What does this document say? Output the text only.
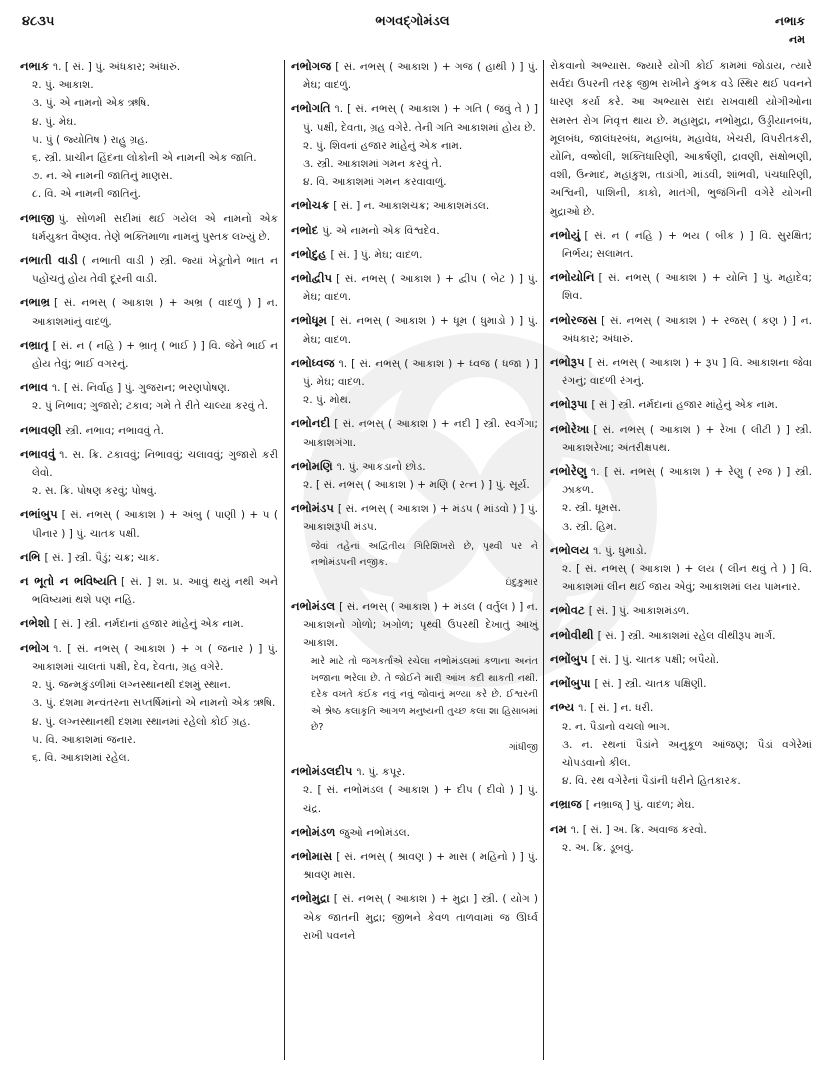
૪૮૩૫	ભગવદ્ગોમંડલ	નભાક
નમ

નભાક ૧. [ સં. ] પું. અંધકાર; અંધારું.

૨. પું. આકાશ.

૩. પું. એ નામનો એક ઋષિ.

૪. પું. મેઘ.

૫. પું ( જ્યોતિષ ) રાહુ ગ્રહ.

૬. સ્ત્રી. પ્રાચીન હિંદના લોકોની એ નામની એક જાતિ.

૭. ન. એ નામની જાતિનું માણસ.

૮. વિ. એ નામની જાતિનું.

નભાજી પું. સોળમી સદીમાં થઈ ગયેલ એ નામનો એક ધર્મયુક્ત વૈષ્ણવ. તેણે ભક્તિમાળા નામનું પુસ્તક લખ્યું છે.

નભાતી વાડી ( નભાતી વાડી ) સ્ત્રી. જ્યાં ખેડૂતોને ભાત ન પહોંચતું હોય તેવી દૂરની વાડી.

નભાભ્ર [ સં. નભસ્ ( આકાશ ) + અભ્ર ( વાદળું ) ] ન. આકાશમાંનું વાદળું.

નભ્રાતૃ [ સં. ન ( નહિ ) + ભ્રાતૃ ( ભાઈ ) ] વિ. જેને ભાઈ ન હોય તેવું; ભાઈ વગરનું.

નભાવ ૧. [ સં. નિર્વાહ ] પું. ગુજરાન; ભરણપોષણ.

૨. પું નિભાવ; ગુજારો; ટકાવ; ગમે તે રીતે ચાલ્યા કરવું તે.

નભાવણી સ્ત્રી. નભાવ; નભાવવું તે.

નભાવવું ૧. સ. ક્રિ. ટકાવવું; નિભાવવું; ચલાવવું; ગુજારો કરી લેવો.

૨. સ. ક્રિ. પોષણ કરવું; પોષવું.

નભાંબુપ [ સં. નભસ્ ( આકાશ ) + અંબુ ( પાણી ) + પ ( પીનાર ) ] પું. ચાતક પક્ષી.

નભિ [ સં. ] સ્ત્રી. પૈડું; ચક્ર; ચાક.

ન ભૂતો ન ભવિષ્યતિ [ સં. ] શ. પ્ર. આવું થયું નથી અને ભવિષ્યમાં થશે પણ નહિ.

નભેશો [ સં. ] સ્ત્રી. નર્મદાનાં હજાર માંહેનું એક નામ.

નભોગ ૧. [ સં. નભસ્ ( આકાશ ) + ગ ( જનાર ) ] પું. આકાશમાં ચાલતાં પક્ષી, દેવ, દેવતા, ગ્રહ વગેરે.

૨. પું. જન્મકુંડળીમાં લગ્નસ્થાનથી દશમું સ્થાન.

૩. પું. દશમા મન્વંતરના સપ્તર્ષિમાંનો એ નામનો એક ઋષિ.

૪. પું. લગ્નસ્થાનથી દશમા સ્થાનમાં રહેલો કોઈ ગ્રહ.

૫. વિ. આકાશમાં જનાર.

૬. વિ. આકાશમાં રહેલ.

નભોગજ [ સં. નભસ્ ( આકાશ ) + ગજ ( હાથી ) ] પું. મેઘ; વાદળું.

નભોગતિ ૧. [ સં. નભસ્ ( આકાશ ) + ગતિ ( જવું તે ) ] પું. પક્ષી, દેવતા, ગ્રહ વગેરે. તેની ગતિ આકાશમાં હોય છે.

૨. પું. શિવનાં હજાર માંહેનું એક નામ.

૩. સ્ત્રી. આકાશમાં ગમન કરવું તે.

૪. વિ. આકાશમાં ગમન કરવાવાળું.

નભોચક્ર [ સં. ] ન. આકાશચક્ર; આકાશમંડલ.

નભોદ પું. એ નામનો એક વિશ્વદેવ.

નભોદુહ [ સં. ] પું. મેઘ; વાદળ.

નભોદ્વીપ [ સં. નભસ્ ( આકાશ ) + દ્વીપ ( બેટ ) ] પું. મેઘ; વાદળ.

નભોધૂમ [ સં. નભસ્ ( આકાશ ) + ધૂમ ( ધુમાડો ) ] પું. મેઘ; વાદળ.

નભોધ્વજ ૧. [ સં. નભસ્ ( આકાશ ) + ધ્વજ ( ધજા ) ] પું. મેઘ; વાદળ.

૨. પું. મોથ.

નભોનદી [ સં. નભસ્ ( આકાશ ) + નદી ] સ્ત્રી. સ્વર્ગંગા; આકાશગંગા.

નભોમણિ ૧. પું. આકડાનો છોડ.

૨. [ સં. નભસ્ ( આકાશ ) + મણિ ( રત્ન ) ] પું. સૂર્ય.

નભોમંડપ [ સં. નભસ્ ( આકાશ ) + મંડપ ( માંડવો ) ] પું. આકાશરૂપી મંડપ.

જેવાં તહેનાં અદ્વિતીય ગિરિશિખરો છે, પૃથ્વી પર ને નભોમંડપની નજીક.

ઇંદુકુમાર

નભોમંડલ [ સં. નભસ્ ( આકાશ ) + મંડલ ( વર્તુલ ) ] ન. આકાશનો ગોળો; ખગોળ; પૃથ્વી ઉપરથી દેખાતું આખું આકાશ.

મારે માટે તો જગકર્તાએ રચેલા નભોમંડલમાં કળાના અનંત ખજાના ભરેલા છે. તે જોઈને મારી આંખ કદી થાકતી નથી. દરેક વખતે કંઈક નવું નવું જોવાનું મળ્યા કરે છે. ઈશ્વરની એ શ્રેષ્ઠ કલાકૃતિ આગળ મનુષ્યની તુચ્છ કલા શા હિસાબમાં છે?

ગાંધીજી

નભોમંડલદીપ ૧. પું. કપૂર.

૨. [ સં. નભોમંડલ ( આકાશ ) + દીપ ( દીવો ) ] પું. ચંદ્ર.

નભોમંડળ જુઓ નભોમંડલ.

નભોમાસ [ સં. નભસ્ ( શ્રાવણ ) + માસ ( મહિનો ) ] પું. શ્રાવણ માસ.

નભોમુદ્રા [ સં. નભસ્ ( આકાશ ) + મુદ્રા ] સ્ત્રી. ( યોગ ) એક જાતની મુદ્રા; જીભને કેવળ તાળવામાં જ ઊર્ધ્વ રાખી પવનને

રોકવાનો અભ્યાસ. જ્યારે યોગી કોઈ કામમાં જોડાય, ત્યારે સર્વદા ઉપરની તરફ જીભ રાખીને કુંભક વડે સ્થિર થઈ પવનને ધારણ કર્યા કરે. આ અભ્યાસ સદા રાખવાથી યોગીઓના સમસ્ત રોગ નિવૃત્ત થાય છે. મહામુદ્રા, નભોમુદ્રા, ઉડ્ડીયાનબંધ, મૂલબંધ, જાલંધરબંધ, મહાબંધ, મહાવેધ, ખેચરી, વિપરીતકરી, યોનિ, વજ્રોલી, શક્તિધારિણી, આકર્ષણી, દ્રાવણી, સંક્ષોભણી, વશી, ઉન્માદ, મહાંકુશ, તાડાંગી, માંડવી, શાંભવી, પંચધારિણી, અશ્વિની, પાશિની, કાકો, માતંગી, ભુજંગિની વગેરે યોગની મુદ્રાઓ છે.

નભોયું [ સં. ન ( નહિ ) + ભય ( બીક ) ] વિ. સુરક્ષિત; નિર્ભય; સલામત.

નભોયોનિ [ સં. નભસ્ ( આકાશ ) + યોનિ ] પું. મહાદેવ; શિવ.

નભોરજસ [ સં. નભસ્ ( આકાશ ) + રજસ્ ( કણ ) ] ન. અંધકાર; અંધારું.

નભોરૂપ [ સં. નભસ્ ( આકાશ ) + રૂપ ] વિ. આકાશના જેવા રંગનું; વાદળી રંગનું.

નભોરૂપા [ સં ] સ્ત્રી. નર્મદાનાં હજાર માંહેનું એક નામ.

નભોરેખા [ સં. નભસ્ ( આકાશ ) + રેખા ( લીટી ) ] સ્ત્રી. આકાશરેખા; અંતરીક્ષપથ.

નભોરેણુ ૧. [ સં. નભસ્ ( આકાશ ) + રેણુ ( રજ ) ] સ્ત્રી. ઝાકળ.

૨. સ્ત્રી. ધૂમસ.

૩. સ્ત્રી. હિમ.

નભોલય ૧. પું. ધુમાડો.

૨. [ સં. નભસ્ ( આકાશ ) + લય ( લીન થવું તે ) ] વિ. આકાશમાં લીન થઈ જાય એવું; આકાશમાં લય પામનાર.

નભોવટ [ સં. ] પું. આકાશમંડળ.

નભોવીથી [ સં. ] સ્ત્રી. આકાશમાં રહેલ વીથીરૂપ માર્ગ.

નભોંબુપ [ સં. ] પું. ચાતક પક્ષી; બપૈયો.

નભોંબુપા [ સં. ] સ્ત્રી. ચાતક પક્ષિણી.

નભ્ય ૧. [ સં. ] ન. ધરી.

૨. ન. પૈડાનો વચલો ભાગ.

૩. ન. રથનાં પૈડાંને અનુકૂળ આંજણ; પૈડાં વગેરેમાં ચોપડવાનો કીલ.

૪. વિ. રથ વગેરેનાં પૈડાંની ધરીને હિતકારક.

નભ્રાજ [ નભ્રાજ્ ] પું. વાદળ; મેઘ.

નમ ૧. [ સં. ] અ. ક્રિ. અવાજ કરવો.

૨. અ. ક્રિ. ડૂબવું.
